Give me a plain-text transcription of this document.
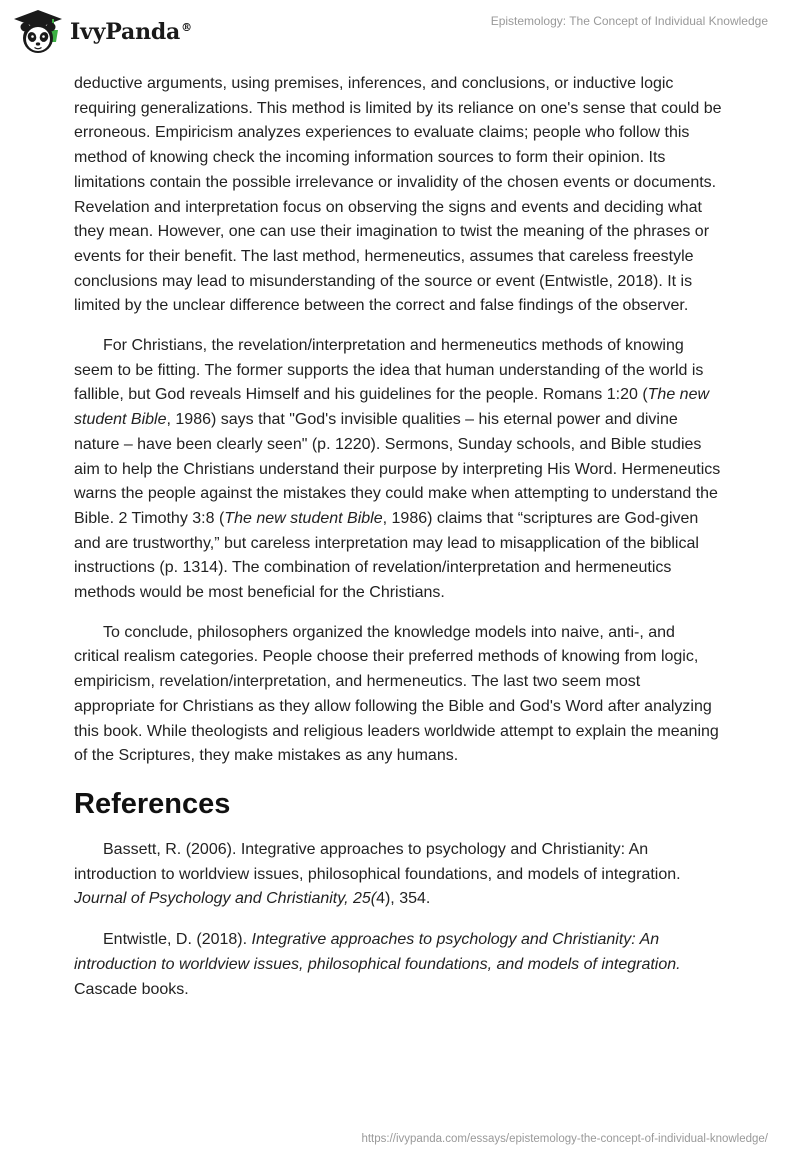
IvyPanda®	Epistemology: The Concept of Individual Knowledge

deductive arguments, using premises, inferences, and conclusions, or inductive logic requiring generalizations. This method is limited by its reliance on one's sense that could be erroneous. Empiricism analyzes experiences to evaluate claims; people who follow this method of knowing check the incoming information sources to form their opinion. Its limitations contain the possible irrelevance or invalidity of the chosen events or documents. Revelation and interpretation focus on observing the signs and events and deciding what they mean. However, one can use their imagination to twist the meaning of the phrases or events for their benefit. The last method, hermeneutics, assumes that careless freestyle conclusions may lead to misunderstanding of the source or event (Entwistle, 2018). It is limited by the unclear difference between the correct and false findings of the observer.

For Christians, the revelation/interpretation and hermeneutics methods of knowing seem to be fitting. The former supports the idea that human understanding of the world is fallible, but God reveals Himself and his guidelines for the people. Romans 1:20 (The new student Bible, 1986) says that "God's invisible qualities – his eternal power and divine nature – have been clearly seen" (p. 1220). Sermons, Sunday schools, and Bible studies aim to help the Christians understand their purpose by interpreting His Word. Hermeneutics warns the people against the mistakes they could make when attempting to understand the Bible. 2 Timothy 3:8 (The new student Bible, 1986) claims that “scriptures are God-given and are trustworthy,” but careless interpretation may lead to misapplication of the biblical instructions (p. 1314). The combination of revelation/interpretation and hermeneutics methods would be most beneficial for the Christians.

To conclude, philosophers organized the knowledge models into naive, anti-, and critical realism categories. People choose their preferred methods of knowing from logic, empiricism, revelation/interpretation, and hermeneutics. The last two seem most appropriate for Christians as they allow following the Bible and God's Word after analyzing this book. While theologists and religious leaders worldwide attempt to explain the meaning of the Scriptures, they make mistakes as any humans.

References

Bassett, R. (2006). Integrative approaches to psychology and Christianity: An introduction to worldview issues, philosophical foundations, and models of integration. Journal of Psychology and Christianity, 25(4), 354.

Entwistle, D. (2018). Integrative approaches to psychology and Christianity: An introduction to worldview issues, philosophical foundations, and models of integration. Cascade books.

https://ivypanda.com/essays/epistemology-the-concept-of-individual-knowledge/
